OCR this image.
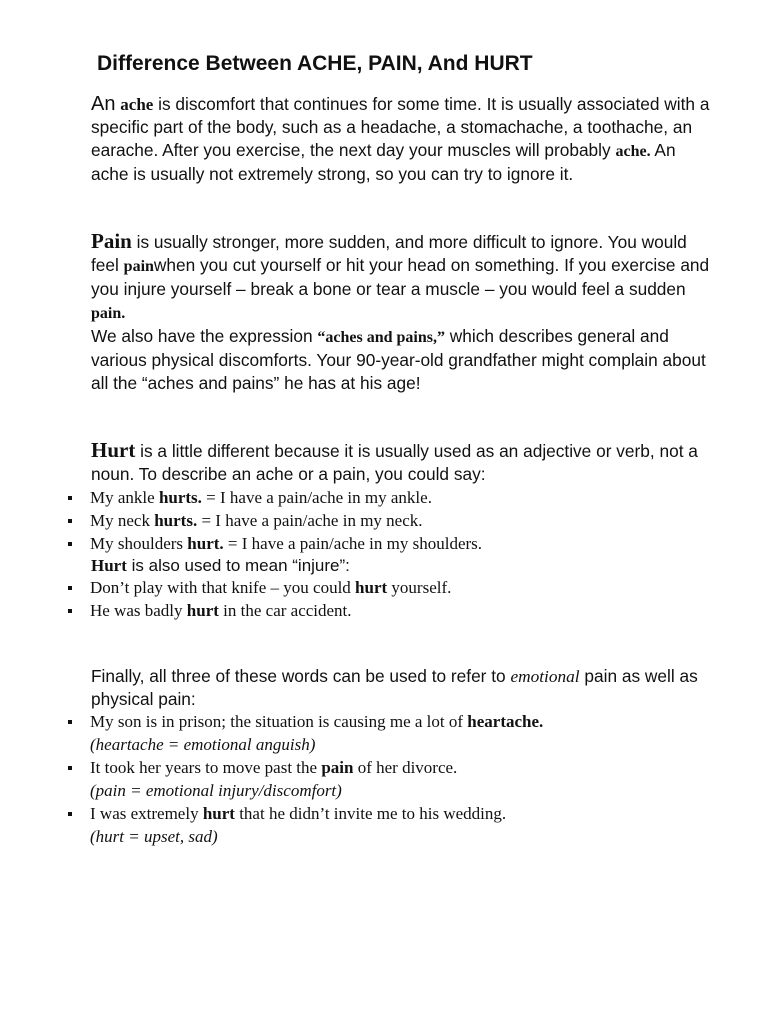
Difference Between ACHE, PAIN, And HURT
An ache is discomfort that continues for some time. It is usually associated with a specific part of the body, such as a headache, a stomachache, a toothache, an earache. After you exercise, the next day your muscles will probably ache. An ache is usually not extremely strong, so you can try to ignore it.
Pain is usually stronger, more sudden, and more difficult to ignore. You would feel painwhen you cut yourself or hit your head on something. If you exercise and you injure yourself – break a bone or tear a muscle – you would feel a sudden pain.
We also have the expression “aches and pains,” which describes general and various physical discomforts. Your 90-year-old grandfather might complain about all the “aches and pains” he has at his age!
Hurt is a little different because it is usually used as an adjective or verb, not a noun. To describe an ache or a pain, you could say:
My ankle hurts. = I have a pain/ache in my ankle.
My neck hurts. = I have a pain/ache in my neck.
My shoulders hurt. = I have a pain/ache in my shoulders.
Hurt is also used to mean “injure”:
Don’t play with that knife – you could hurt yourself.
He was badly hurt in the car accident.
Finally, all three of these words can be used to refer to emotional pain as well as physical pain:
My son is in prison; the situation is causing me a lot of heartache.
(heartache = emotional anguish)
It took her years to move past the pain of her divorce.
(pain = emotional injury/discomfort)
I was extremely hurt that he didn’t invite me to his wedding.
(hurt = upset, sad)
